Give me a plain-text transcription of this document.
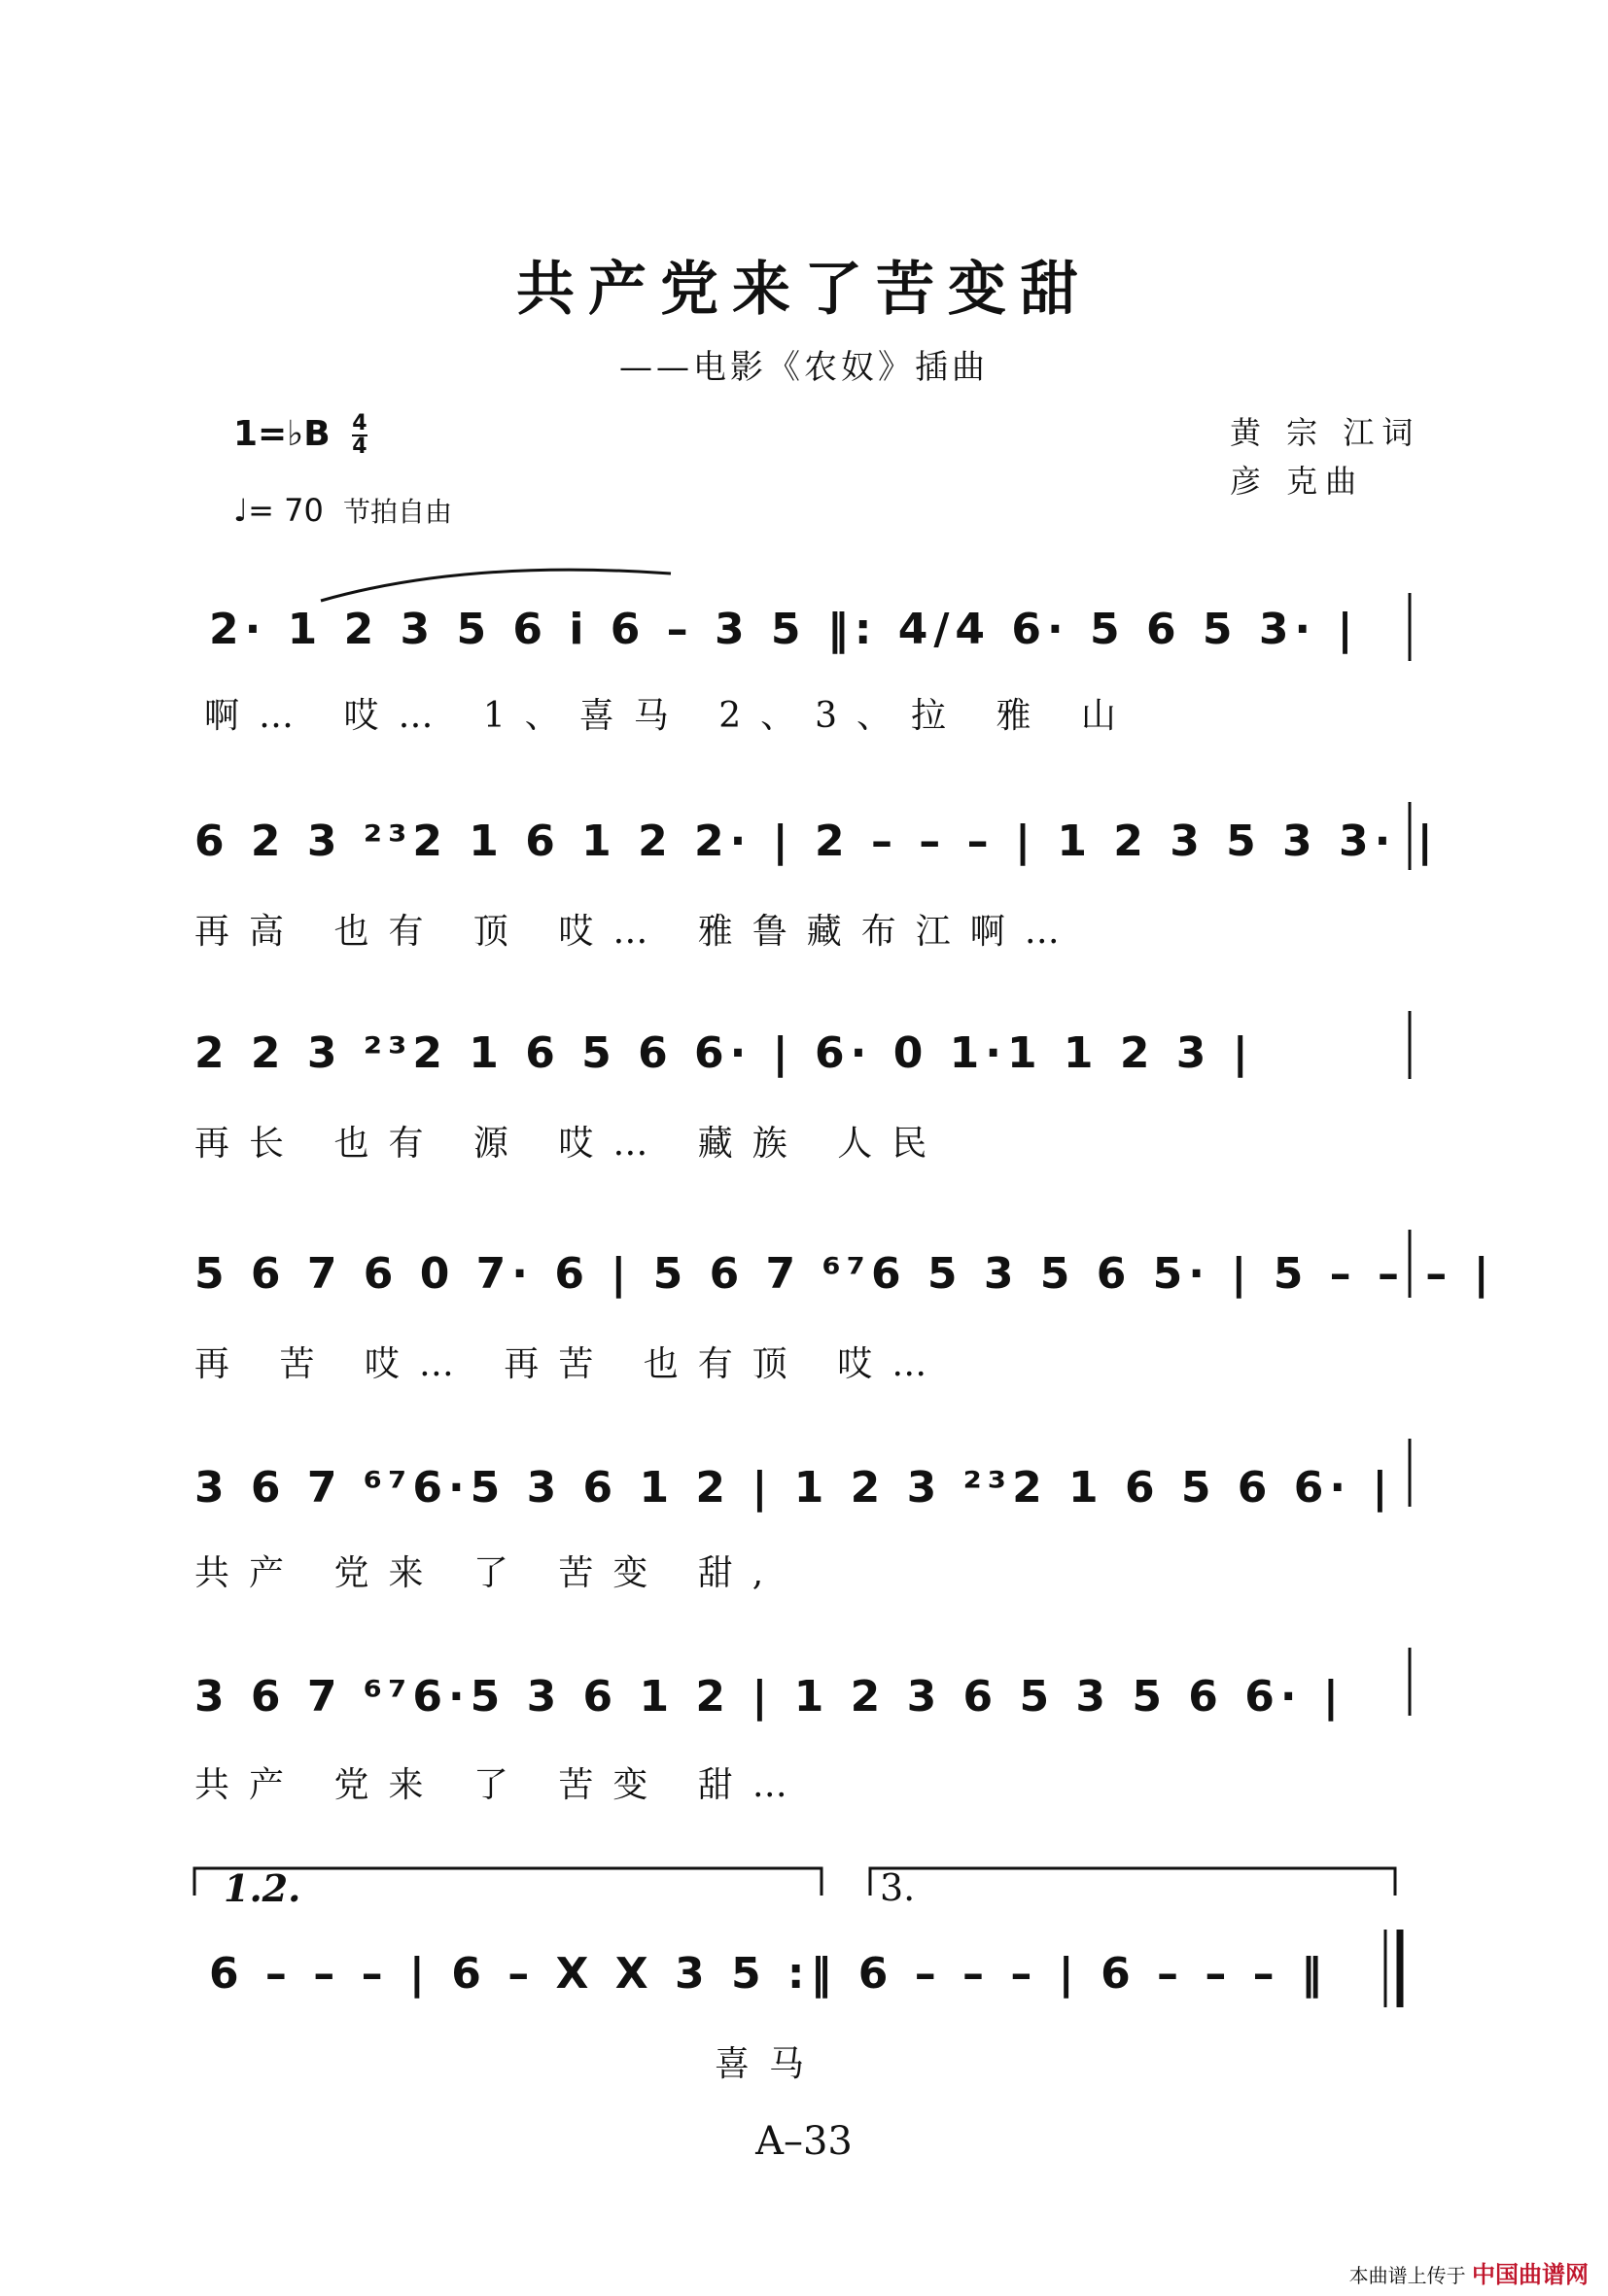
共产党来了苦变甜
——电影《农奴》插曲
1=♭B $\frac{4}{4}$
♩= 70 节拍自由
黄 宗 江词
彦 克曲
2· 1 2 3 5 6 i 6 – 3 5 ‖: 4/4 6· 5 6 5 3· |
啊… 哎… 1、喜马 2、3、拉 雅 山
6 2 3 ²³2 1 6 1 2 2· | 2 – – – | 1 2 3 5 3 3· |
再高 也有 顶 哎… 雅鲁藏布江啊…
2 2 3 ²³2 1 6 5 6 6· | 6· 0 1·1 1 2 3 |
再长 也有 源 哎… 藏族 人民
5 6 7 6 0 7· 6 | 5 6 7 ⁶⁷6 5 3 5 6 5· | 5 – – – |
再 苦 哎… 再苦 也有顶 哎…
3 6 7 ⁶⁷6·5 3 6 1 2 | 1 2 3 ²³2 1 6 5 6 6· |
共产 党来 了 苦变 甜,
3 6 7 ⁶⁷6·5 3 6 1 2 | 1 2 3 6 5 3 5 6 6· |
共产 党来 了 苦变 甜…
1.2.	3.
6 – – – | 6 – X X 3 5 :‖ 6 – – – | 6 – – – ‖
喜马
A–33
本曲谱上传于 中国曲谱网
